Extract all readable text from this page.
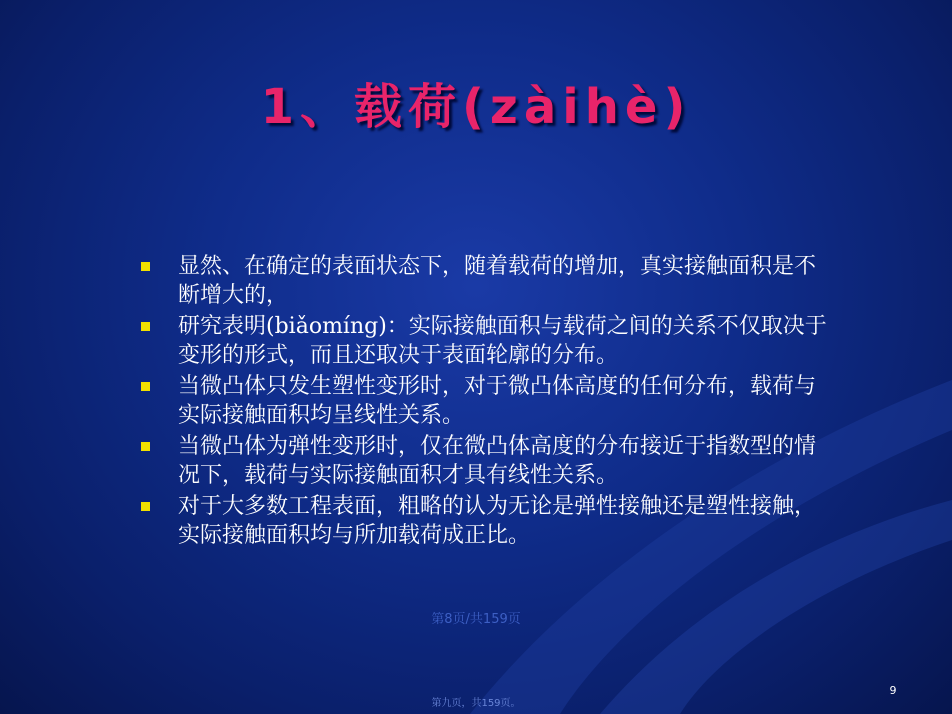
1、载荷(zàihè)
显然、在确定的表面状态下，随着载荷的增加，真实接触面积是不断增大的，
研究表明(biǎomíng)：实际接触面积与载荷之间的关系不仅取决于变形的形式，而且还取决于表面轮廓的分布。
当微凸体只发生塑性变形时，对于微凸体高度的任何分布，载荷与实际接触面积均呈线性关系。
当微凸体为弹性变形时，仅在微凸体高度的分布接近于指数型的情况下，载荷与实际接触面积才具有线性关系。
对于大多数工程表面，粗略的认为无论是弹性接触还是塑性接触，实际接触面积均与所加载荷成正比。
第8页/共159页
9
第九页，共159页。
